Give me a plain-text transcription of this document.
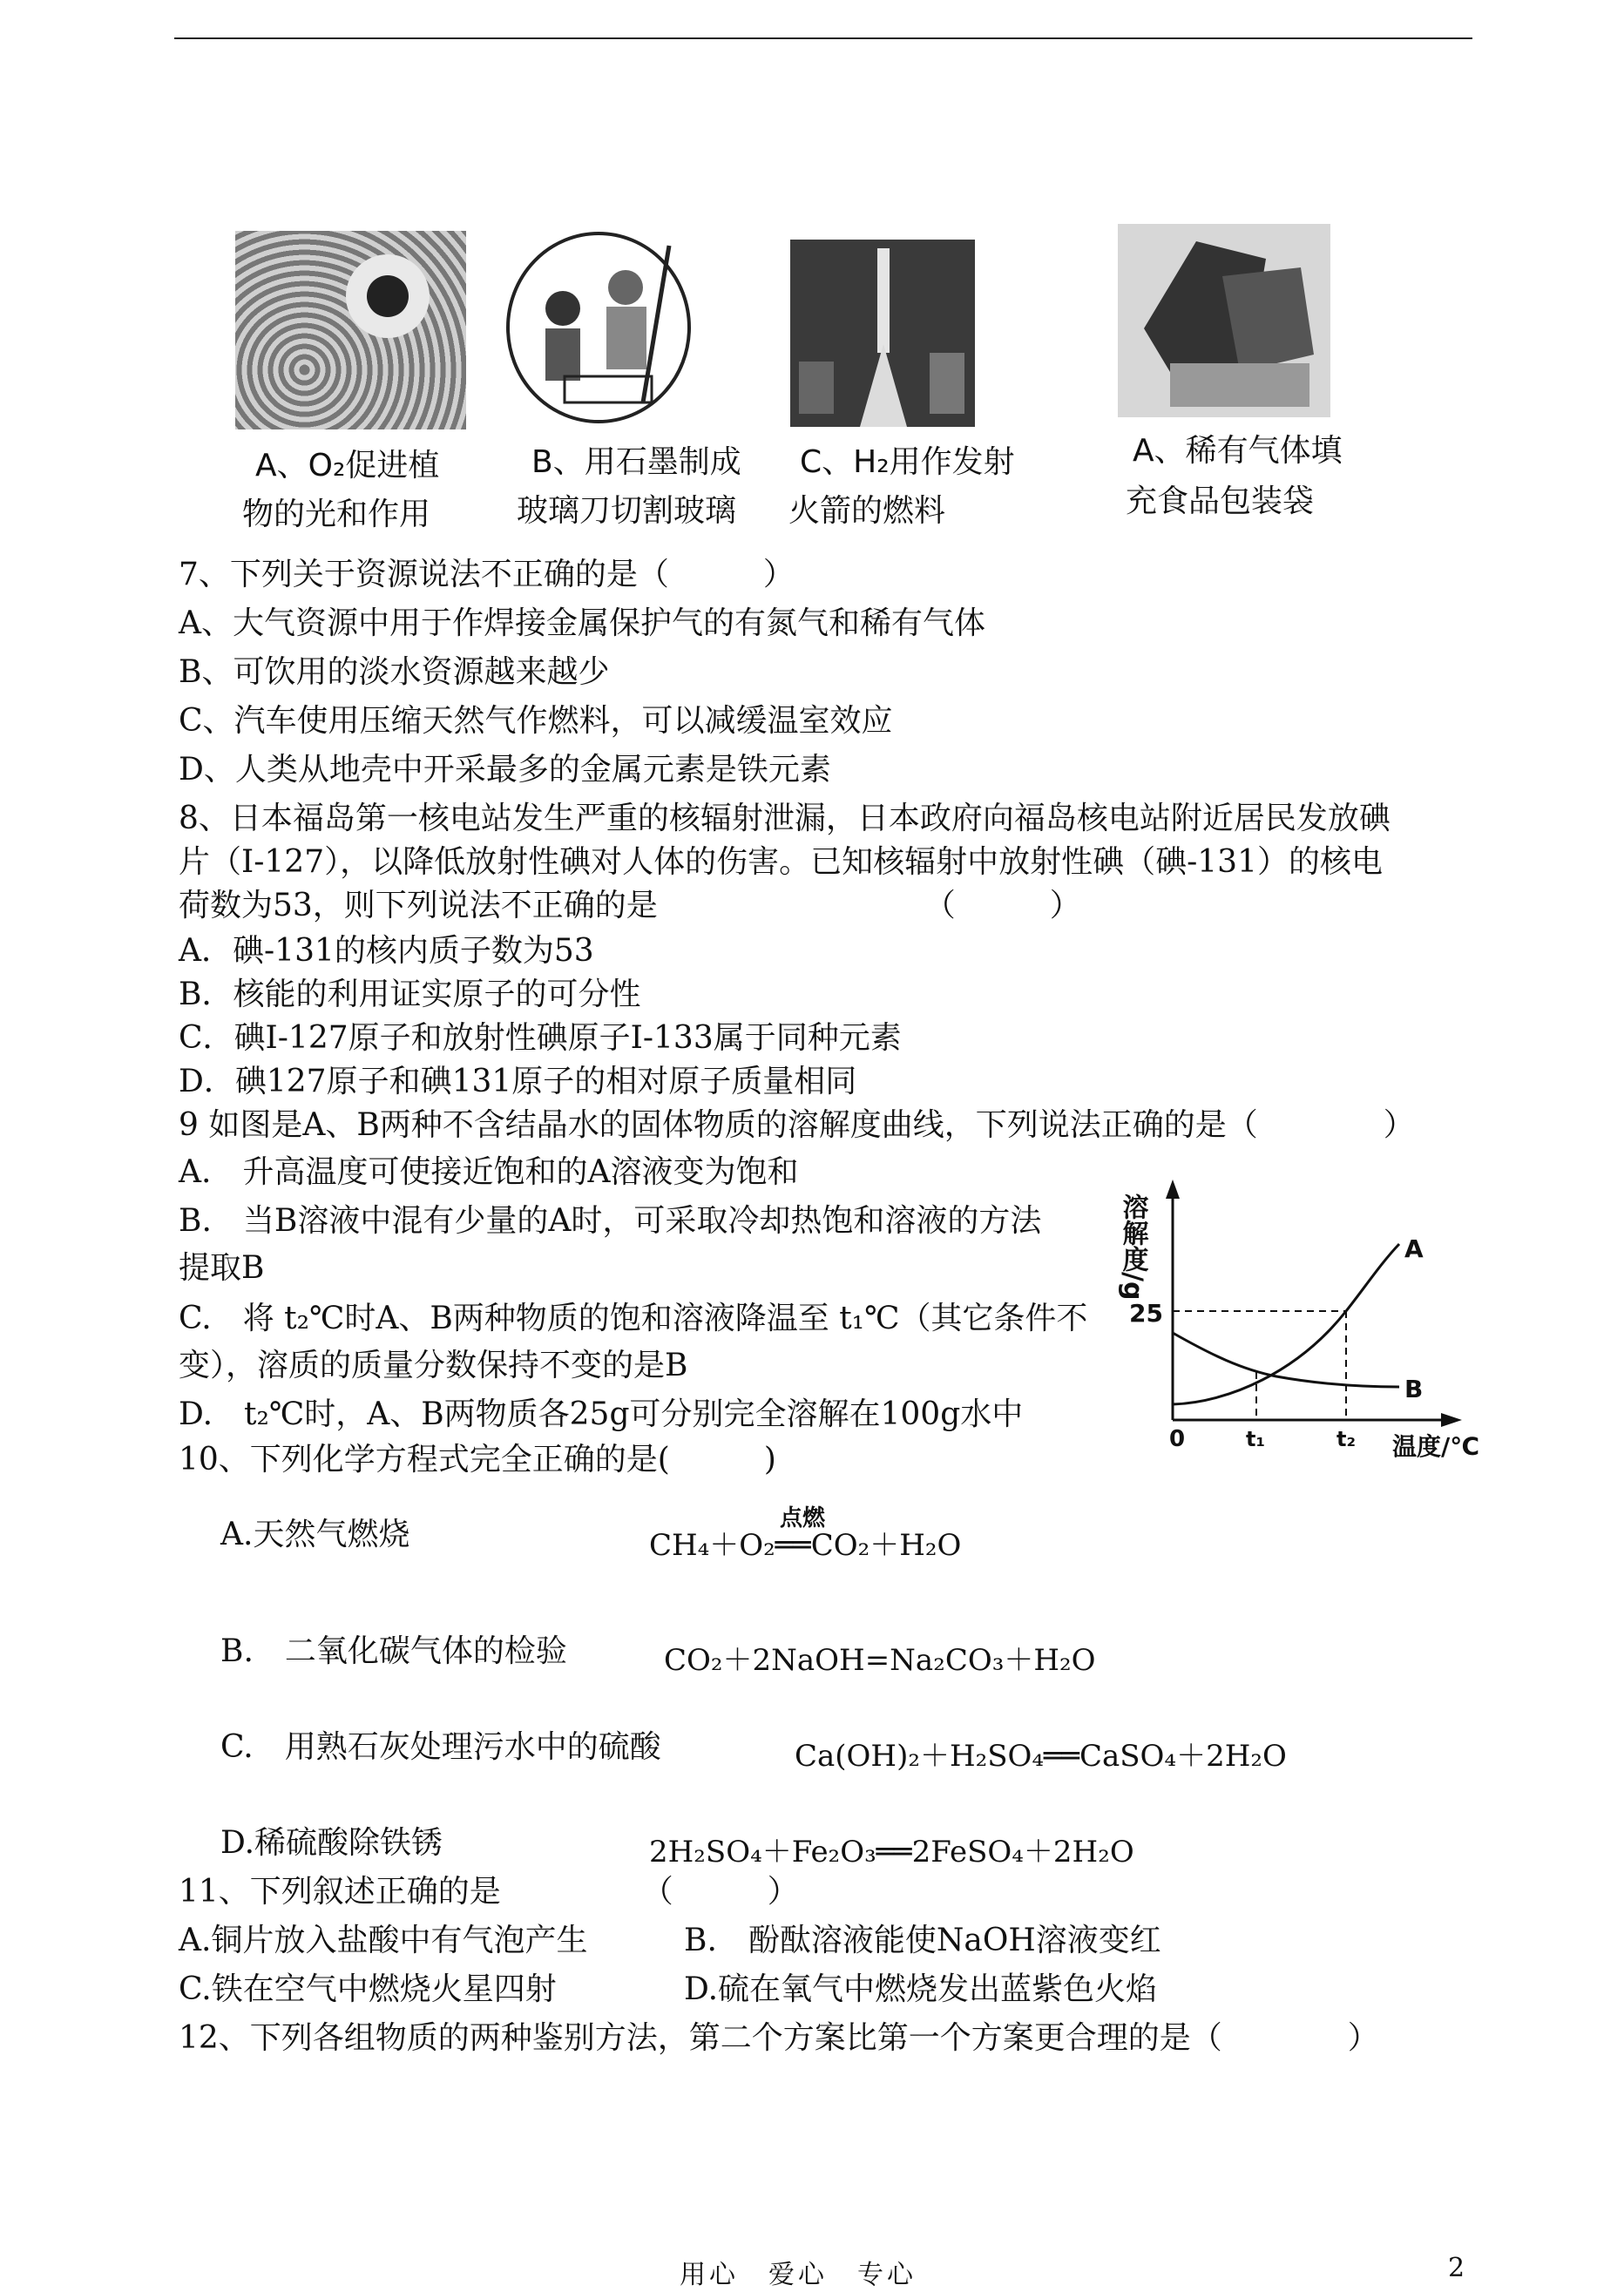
A、O₂促进植
物的光和作用
B、用石墨制成
玻璃刀切割玻璃
C、H₂用作发射
火箭的燃料
A、稀有气体填
充食品包装袋
7、下列关于资源说法不正确的是（　　　）
A、大气资源中用于作焊接金属保护气的有氮气和稀有气体
B、可饮用的淡水资源越来越少
C、汽车使用压缩天然气作燃料，可以减缓温室效应
D、人类从地壳中开采最多的金属元素是铁元素
8、日本福岛第一核电站发生严重的核辐射泄漏，日本政府向福岛核电站附近居民发放碘
片（I-127），以降低放射性碘对人体的伤害。已知核辐射中放射性碘（碘-131）的核电
荷数为53，则下列说法不正确的是　　　　　　　　　（　　　）
A．碘-131的核内质子数为53
B．核能的利用证实原子的可分性
C．碘I-127原子和放射性碘原子I-133属于同种元素
D．碘127原子和碘131原子的相对原子质量相同
9 如图是A、B两种不含结晶水的固体物质的溶解度曲线，下列说法正确的是（　　　　）
A.　升高温度可使接近饱和的A溶液变为饱和
B.　当B溶液中混有少量的A时，可采取冷却热饱和溶液的方法
提取B
C.　将 t₂℃时A、B两种物质的饱和溶液降温至 t₁℃（其它条件不
变），溶质的质量分数保持不变的是B
D.　t₂℃时，A、B两物质各25g可分别完全溶解在100g水中
溶解度/g
温度/℃
0
25
t₁	t₂
A
B
10、下列化学方程式完全正确的是(　　　)
A.天然气燃烧	点燃
CH₄＋O₂══CO₂＋H₂O
B.　二氧化碳气体的检验	CO₂＋2NaOH=Na₂CO₃＋H₂O
C.　用熟石灰处理污水中的硫酸	Ca(OH)₂＋H₂SO₄══CaSO₄＋2H₂O
D.稀硫酸除铁锈	2H₂SO₄＋Fe₂O₃══2FeSO₄＋2H₂O
11、下列叙述正确的是　　　　　（　　　）
A.铜片放入盐酸中有气泡产生	B.　酚酞溶液能使NaOH溶液变红
C.铁在空气中燃烧火星四射	D.硫在氧气中燃烧发出蓝紫色火焰
12、下列各组物质的两种鉴别方法，第二个方案比第一个方案更合理的是（　　　　）
用心　爱心　专心	2
